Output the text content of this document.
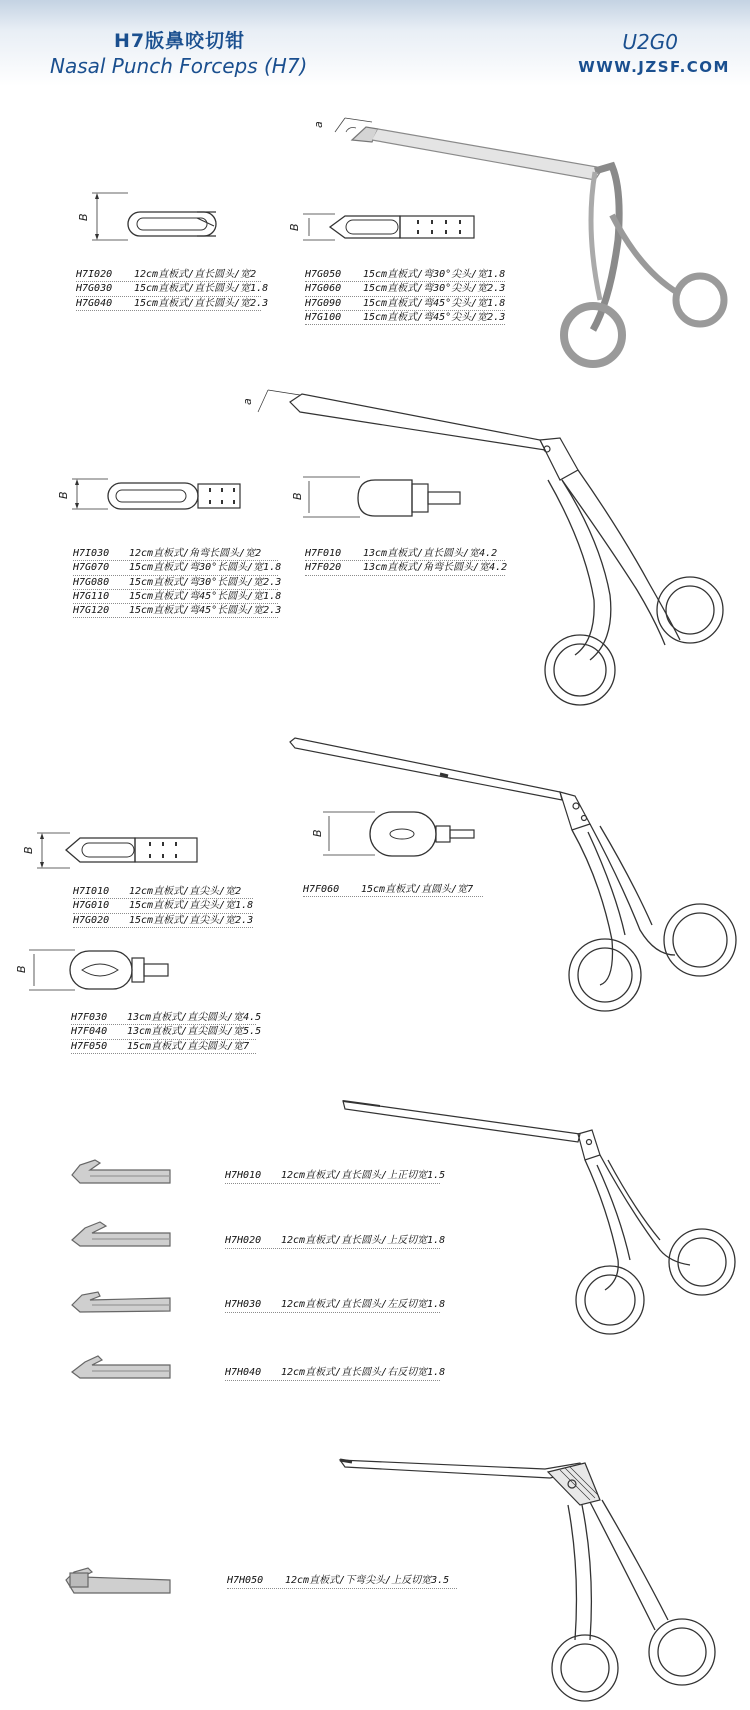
H7版鼻咬切钳
Nasal Punch Forceps (H7)
U2G0
WWW.JZSF.COM
B
B
a
B	B
a
B
B
B
H7I020 12cm直板式/直长圆头/宽2
H7G030 15cm直板式/直长圆头/宽1.8
H7G040 15cm直板式/直长圆头/宽2.3
H7G050 15cm直板式/弯30°尖头/宽1.8
H7G060 15cm直板式/弯30°尖头/宽2.3
H7G090 15cm直板式/弯45°尖头/宽1.8
H7G100 15cm直板式/弯45°尖头/宽2.3
H7I030 12cm直板式/角弯长圆头/宽2
H7G070 15cm直板式/弯30°长圆头/宽1.8
H7G080 15cm直板式/弯30°长圆头/宽2.3
H7G110 15cm直板式/弯45°长圆头/宽1.8
H7G120 15cm直板式/弯45°长圆头/宽2.3
H7F010 13cm直板式/直长圆头/宽4.2
H7F020 13cm直板式/角弯长圆头/宽4.2
H7I010 12cm直板式/直尖头/宽2
H7G010 15cm直板式/直尖头/宽1.8
H7G020 15cm直板式/直尖头/宽2.3
H7F060 15cm直板式/直圆头/宽7
H7F030 13cm直板式/直尖圆头/宽4.5
H7F040 13cm直板式/直尖圆头/宽5.5
H7F050 15cm直板式/直尖圆头/宽7
H7H010 12cm直板式/直长圆头/上正切宽1.5
H7H020 12cm直板式/直长圆头/上反切宽1.8
H7H030 12cm直板式/直长圆头/左反切宽1.8
H7H040 12cm直板式/直长圆头/右反切宽1.8
H7H050 12cm直板式/下弯尖头/上反切宽3.5
